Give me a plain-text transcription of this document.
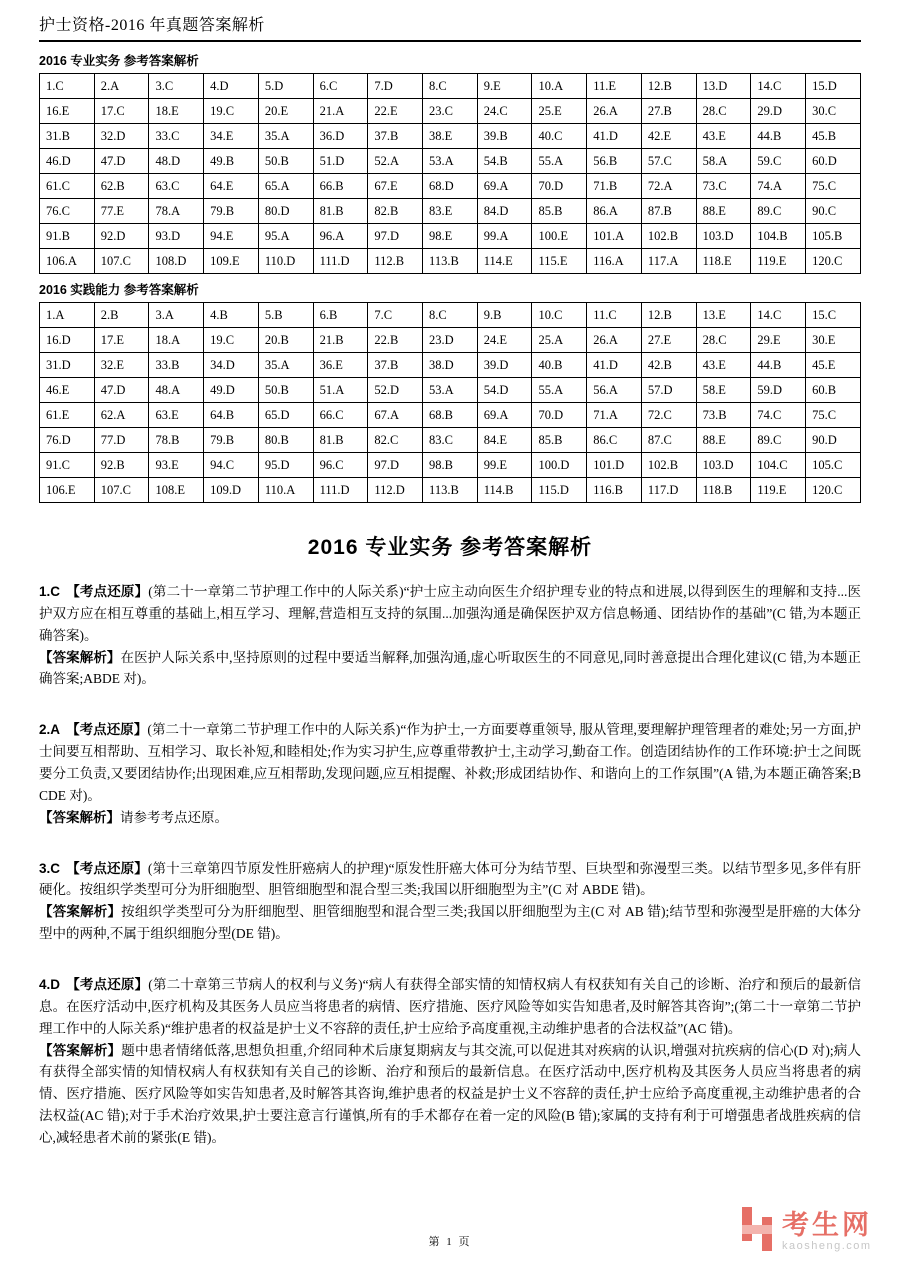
护士资格-2016 年真题答案解析
2016 专业实务 参考答案解析
1.C	2.A	3.C	4.D	5.D	6.C	7.D	8.C	9.E	10.A	11.E	12.B	13.D	14.C	15.D
16.E	17.C	18.E	19.C	20.E	21.A	22.E	23.C	24.C	25.E	26.A	27.B	28.C	29.D	30.C
31.B	32.D	33.C	34.E	35.A	36.D	37.B	38.E	39.B	40.C	41.D	42.E	43.E	44.B	45.B
46.D	47.D	48.D	49.B	50.B	51.D	52.A	53.A	54.B	55.A	56.B	57.C	58.A	59.C	60.D
61.C	62.B	63.C	64.E	65.A	66.B	67.E	68.D	69.A	70.D	71.B	72.A	73.C	74.A	75.C
76.C	77.E	78.A	79.B	80.D	81.B	82.B	83.E	84.D	85.B	86.A	87.B	88.E	89.C	90.C
91.B	92.D	93.D	94.E	95.A	96.A	97.D	98.E	99.A	100.E	101.A	102.B	103.D	104.B	105.B
106.A	107.C	108.D	109.E	110.D	111.D	112.B	113.B	114.E	115.E	116.A	117.A	118.E	119.E	120.C
2016 实践能力 参考答案解析
1.A	2.B	3.A	4.B	5.B	6.B	7.C	8.C	9.B	10.C	11.C	12.B	13.E	14.C	15.C
16.D	17.E	18.A	19.C	20.B	21.B	22.B	23.D	24.E	25.A	26.A	27.E	28.C	29.E	30.E
31.D	32.E	33.B	34.D	35.A	36.E	37.B	38.D	39.D	40.B	41.D	42.B	43.E	44.B	45.E
46.E	47.D	48.A	49.D	50.B	51.A	52.D	53.A	54.D	55.A	56.A	57.D	58.E	59.D	60.B
61.E	62.A	63.E	64.B	65.D	66.C	67.A	68.B	69.A	70.D	71.A	72.C	73.B	74.C	75.C
76.D	77.D	78.B	79.B	80.B	81.B	82.C	83.C	84.E	85.B	86.C	87.C	88.E	89.C	90.D
91.C	92.B	93.E	94.C	95.D	96.C	97.D	98.B	99.E	100.D	101.D	102.B	103.D	104.C	105.C
106.E	107.C	108.E	109.D	110.A	111.D	112.D	113.B	114.B	115.D	116.B	117.D	118.B	119.E	120.C
2016 专业实务 参考答案解析

1.C 【考点还原】(第二十一章第二节护理工作中的人际关系)“护士应主动向医生介绍护理专业的特点和进展,以得到医生的理解和支持...医护双方应在相互尊重的基础上,相互学习、理解,营造相互支持的氛围...加强沟通是确保医护双方信息畅通、团结协作的基础”(C 错,为本题正确答案)。

【答案解析】在医护人际关系中,坚持原则的过程中要适当解释,加强沟通,虚心听取医生的不同意见,同时善意提出合理化建议(C 错,为本题正确答案;ABDE 对)。

2.A 【考点还原】(第二十一章第二节护理工作中的人际关系)“作为护士,一方面要尊重领导, 服从管理,要理解护理管理者的难处;另一方面,护士间要互相帮助、互相学习、取长补短,和睦相处;作为实习护生,应尊重带教护士,主动学习,勤奋工作。创造团结协作的工作环境:护士之间既要分工负责,又要团结协作;出现困难,应互相帮助,发现问题,应互相提醒、补救;形成团结协作、和谐向上的工作氛围”(A 错,为本题正确答案;BCDE 对)。

【答案解析】请参考考点还原。

3.C 【考点还原】(第十三章第四节原发性肝癌病人的护理)“原发性肝癌大体可分为结节型、巨块型和弥漫型三类。以结节型多见,多伴有肝硬化。按组织学类型可分为肝细胞型、胆管细胞型和混合型三类;我国以肝细胞型为主”(C 对 ABDE 错)。

【答案解析】按组织学类型可分为肝细胞型、胆管细胞型和混合型三类;我国以肝细胞型为主(C 对 AB 错);结节型和弥漫型是肝癌的大体分型中的两种,不属于组织细胞分型(DE 错)。

4.D 【考点还原】(第二十章第三节病人的权利与义务)“病人有获得全部实情的知情权病人有权获知有关自己的诊断、治疗和预后的最新信息。在医疗活动中,医疗机构及其医务人员应当将患者的病情、医疗措施、医疗风险等如实告知患者,及时解答其咨询”;(第二十一章第二节护理工作中的人际关系)“维护患者的权益是护士义不容辞的责任,护士应给予高度重视,主动维护患者的合法权益”(AC 错)。

【答案解析】题中患者情绪低落,思想负担重,介绍同种术后康复期病友与其交流,可以促进其对疾病的认识,增强对抗疾病的信心(D 对);病人有获得全部实情的知情权病人有权获知有关自己的诊断、治疗和预后的最新信息。在医疗活动中,医疗机构及其医务人员应当将患者的病情、医疗措施、医疗风险等如实告知患者,及时解答其咨询,维护患者的权益是护士义不容辞的责任,护士应给予高度重视,主动维护患者的合法权益(AC 错);对于手术治疗效果,护士要注意言行谨慎,所有的手术都存在着一定的风险(B 错);家属的支持有利于可增强患者战胜疾病的信心,减轻患者术前的紧张(E 错)。

第 1 页
考生网
kaosheng.com
